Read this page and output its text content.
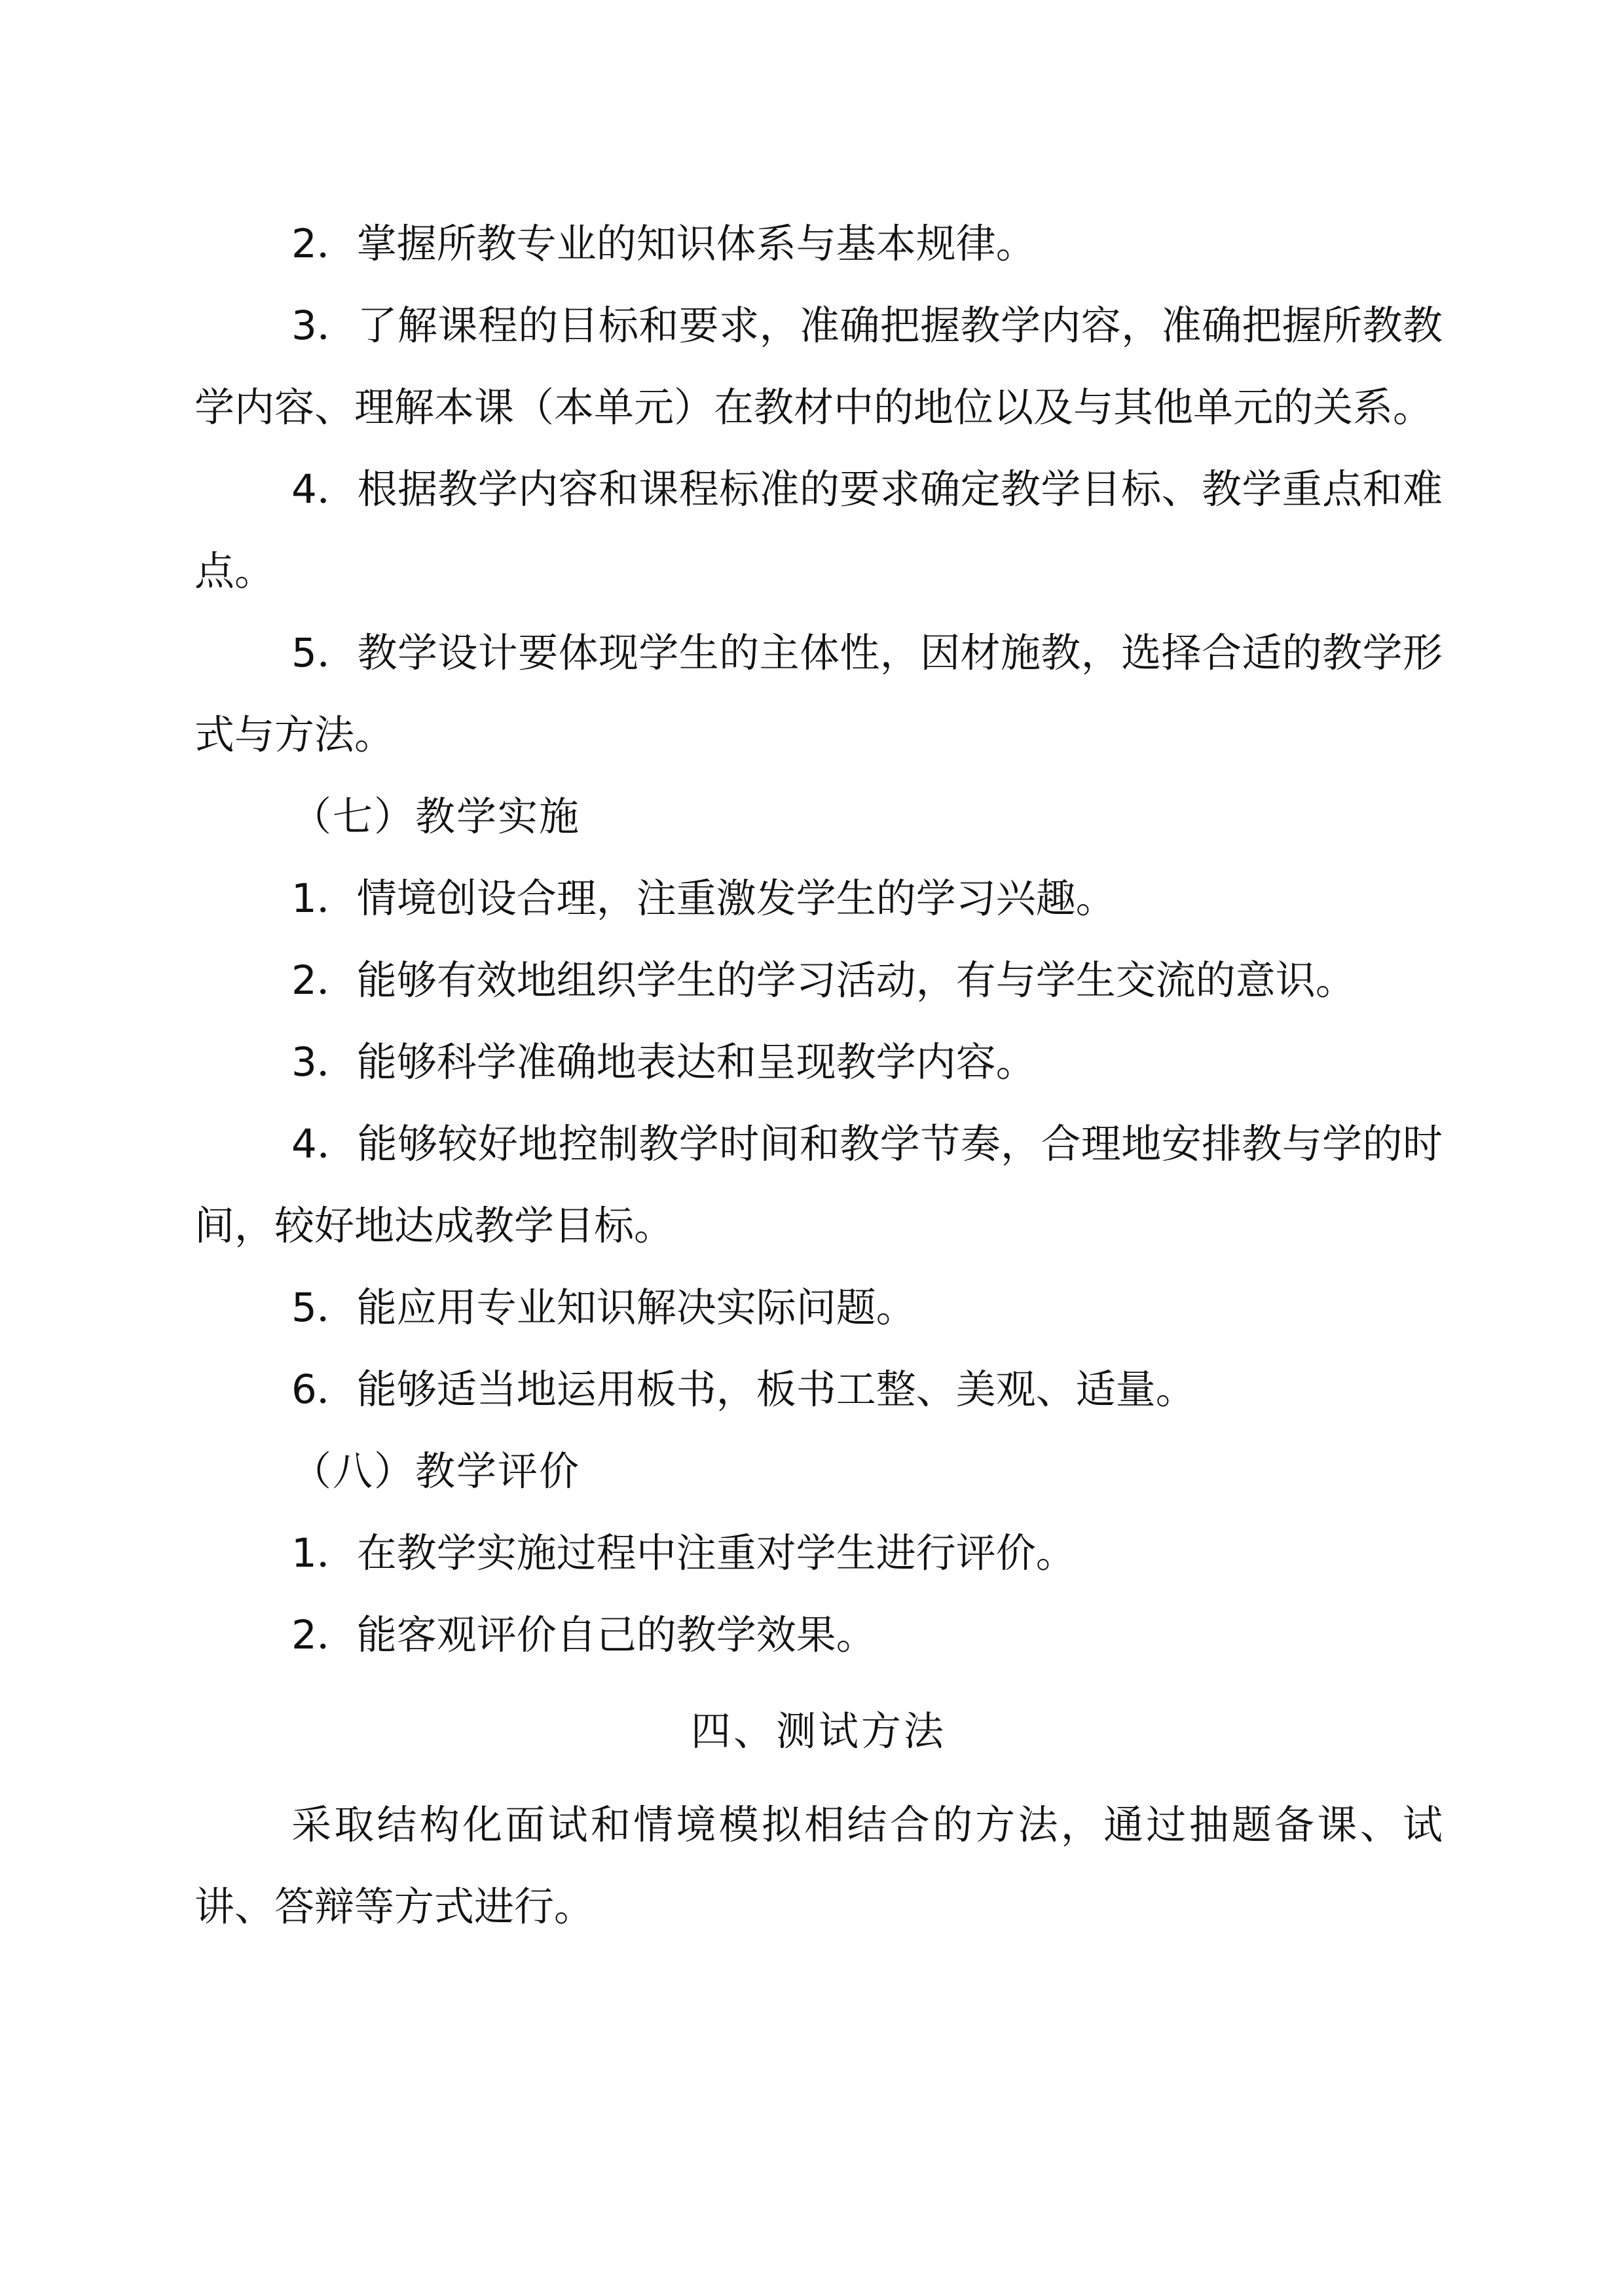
2．掌握所教专业的知识体系与基本规律。

3．了解课程的目标和要求，准确把握教学内容，准确把握所教教学内容、理解本课（本单元）在教材中的地位以及与其他单元的关系。

4．根据教学内容和课程标准的要求确定教学目标、教学重点和难点。

5．教学设计要体现学生的主体性，因材施教，选择合适的教学形式与方法。

（七）教学实施

1．情境创设合理，注重激发学生的学习兴趣。

2．能够有效地组织学生的学习活动，有与学生交流的意识。

3．能够科学准确地表达和呈现教学内容。

4．能够较好地控制教学时间和教学节奏，合理地安排教与学的时间，较好地达成教学目标。

5．能应用专业知识解决实际问题。

6．能够适当地运用板书，板书工整、美观、适量。

（八）教学评价

1．在教学实施过程中注重对学生进行评价。

2．能客观评价自己的教学效果。

四、测试方法

采取结构化面试和情境模拟相结合的方法，通过抽题备课、试讲、答辩等方式进行。
